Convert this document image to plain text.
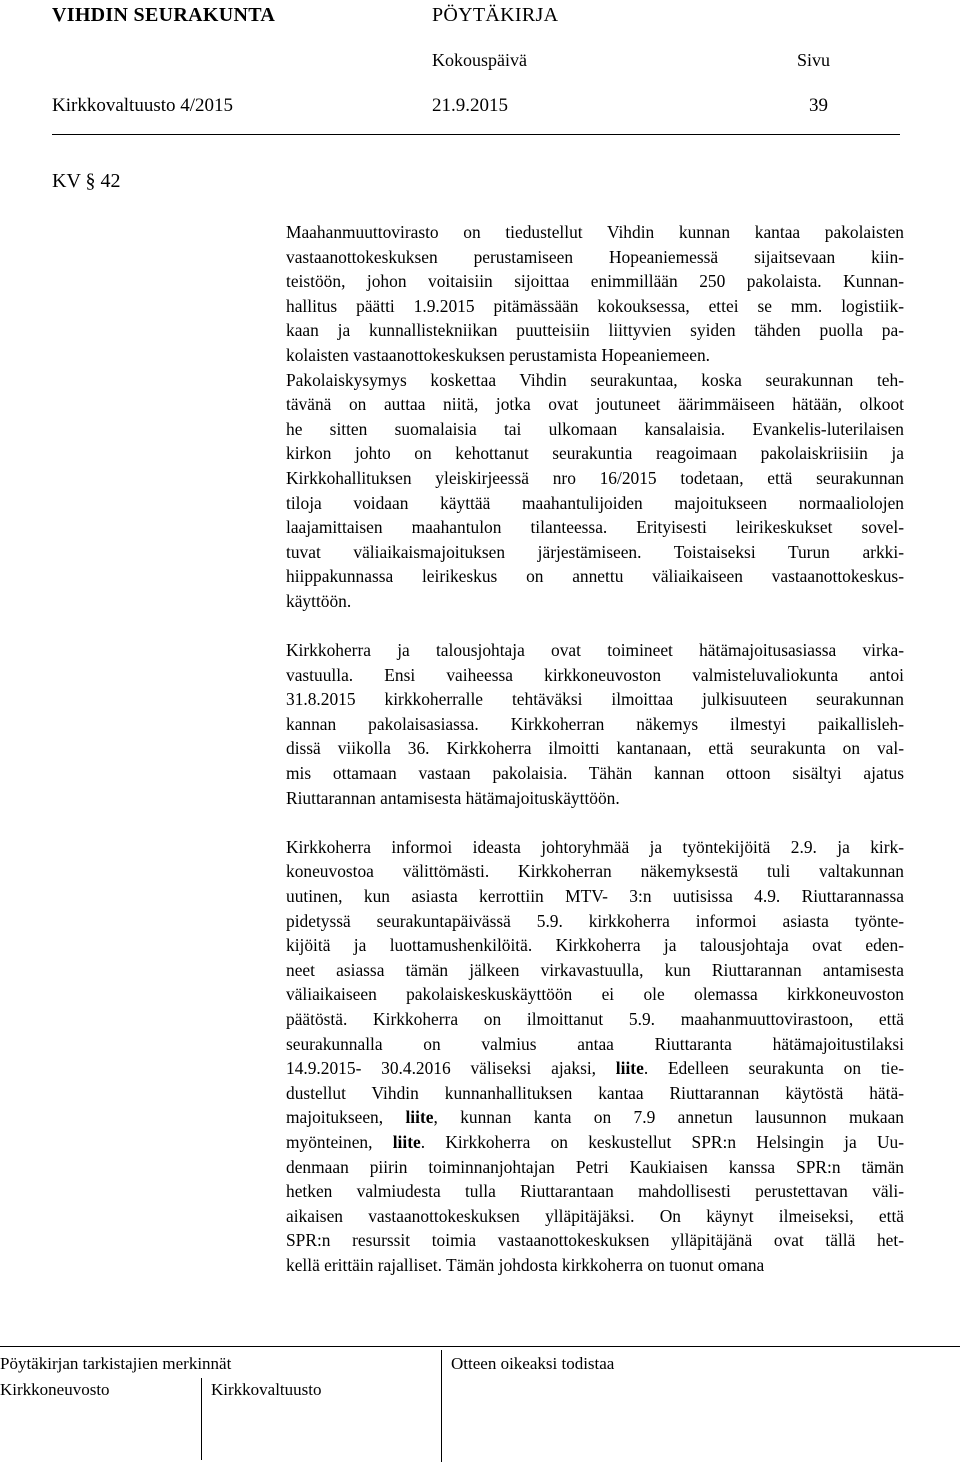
VIHDIN SEURAKUNTA	PÖYTÄKIRJA
Kokouspäivä	Sivu
Kirkkovaltuusto 4/2015	21.9.2015	39
KV § 42
Maahanmuuttovirasto on tiedustellut Vihdin kunnan kantaa pakolaisten
vastaanottokeskuksen perustamiseen Hopeaniemessä sijaitsevaan kiin-
teistöön, johon voitaisiin sijoittaa enimmillään 250 pakolaista. Kunnan-
hallitus päätti 1.9.2015 pitämässään kokouksessa, ettei se mm. logistiik-
kaan ja kunnallistekniikan puutteisiin liittyvien syiden tähden puolla pa-
kolaisten vastaanottokeskuksen perustamista Hopeaniemeen.
Pakolaiskysymys koskettaa Vihdin seurakuntaa, koska seurakunnan teh-
tävänä on auttaa niitä, jotka ovat joutuneet äärimmäiseen hätään, olkoot
he sitten suomalaisia tai ulkomaan kansalaisia. Evankelis-luterilaisen
kirkon johto on kehottanut seurakuntia reagoimaan pakolaiskriisiin ja
Kirkkohallituksen yleiskirjeessä nro 16/2015 todetaan, että seurakunnan
tiloja voidaan käyttää maahantulijoiden majoitukseen normaaliolojen
laajamittaisen maahantulon tilanteessa. Erityisesti leirikeskukset sovel-
tuvat väliaikaismajoituksen järjestämiseen. Toistaiseksi Turun arkki-
hiippakunnassa leirikeskus on annettu väliaikaiseen vastaanottokeskus-
käyttöön.
Kirkkoherra ja talousjohtaja ovat toimineet hätämajoitusasiassa virka-
vastuulla. Ensi vaiheessa kirkkoneuvoston valmisteluvaliokunta antoi
31.8.2015 kirkkoherralle tehtäväksi ilmoittaa julkisuuteen seurakunnan
kannan pakolaisasiassa. Kirkkoherran näkemys ilmestyi paikallisleh-
dissä viikolla 36. Kirkkoherra ilmoitti kantanaan, että seurakunta on val-
mis ottamaan vastaan pakolaisia. Tähän kannan ottoon sisältyi ajatus
Riuttarannan antamisesta hätämajoituskäyttöön.
Kirkkoherra informoi ideasta johtoryhmää ja työntekijöitä 2.9. ja kirk-
koneuvostoa välittömästi. Kirkkoherran näkemyksestä tuli valtakunnan
uutinen, kun asiasta kerrottiin MTV- 3:n uutisissa 4.9. Riuttarannassa
pidetyssä seurakuntapäivässä 5.9. kirkkoherra informoi asiasta työnte-
kijöitä ja luottamushenkilöitä. Kirkkoherra ja talousjohtaja ovat eden-
neet asiassa tämän jälkeen virkavastuulla, kun Riuttarannan antamisesta
väliaikaiseen pakolaiskeskuskäyttöön ei ole olemassa kirkkoneuvoston
päätöstä. Kirkkoherra on ilmoittanut 5.9. maahanmuuttovirastoon, että
seurakunnalla on valmius antaa Riuttaranta hätämajoitustilaksi
14.9.2015- 30.4.2016 väliseksi ajaksi, liite. Edelleen seurakunta on tie-
dustellut Vihdin kunnanhallituksen kantaa Riuttarannan käytöstä hätä-
majoitukseen, liite, kunnan kanta on 7.9 annetun lausunnon mukaan
myönteinen, liite. Kirkkoherra on keskustellut SPR:n Helsingin ja Uu-
denmaan piirin toiminnanjohtajan Petri Kaukiaisen kanssa SPR:n tämän
hetken valmiudesta tulla Riuttarantaan mahdollisesti perustettavan väli-
aikaisen vastaanottokeskuksen ylläpitäjäksi. On käynyt ilmeiseksi, että
SPR:n resurssit toimia vastaanottokeskuksen ylläpitäjänä ovat tällä het-
kellä erittäin rajalliset. Tämän johdosta kirkkoherra on tuonut omana
Pöytäkirjan tarkistajien merkinnät	Otteen oikeaksi todistaa
Kirkkoneuvosto	Kirkkovaltuusto
